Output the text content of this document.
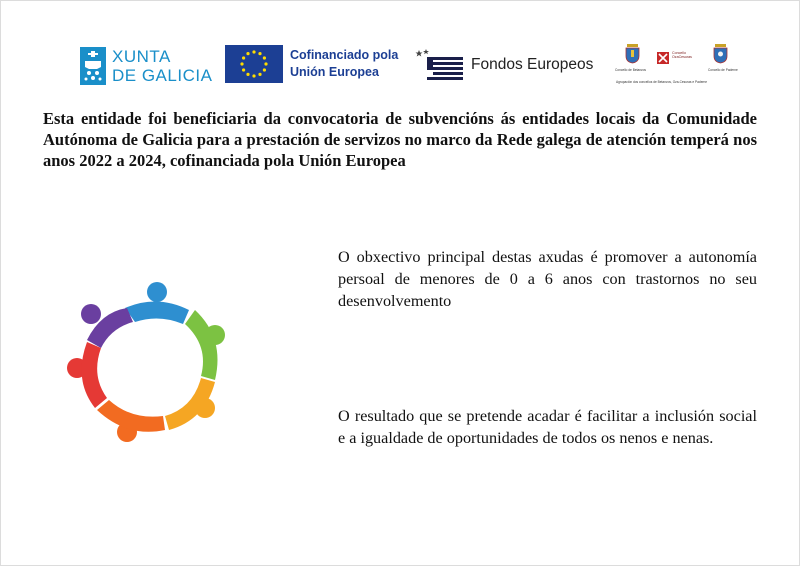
XUNTA
DE GALICIA
Cofinanciado pola
Unión Europea	Fondos Europeos	Concello de Betanzos
Concello
OzaCesuras
Concello de Paderne
Agrupación dos concellos de Betanzos, Oza-Cesuras e Paderne
Esta entidade foi beneficiaria da convocatoria de subvencións ás entidades locais da Comunidade Autónoma de Galicia para a prestación de servizos no marco da Rede galega de atención temperá nos anos 2022 a 2024, cofinanciada pola Unión Europea
O obxectivo principal destas axudas é promover a autonomía persoal de menores de 0 a 6 anos con trastornos no seu desenvolvemento
O resultado que se pretende acadar é facilitar a inclusión social e a igualdade de oportunidades de todos os nenos e nenas.
